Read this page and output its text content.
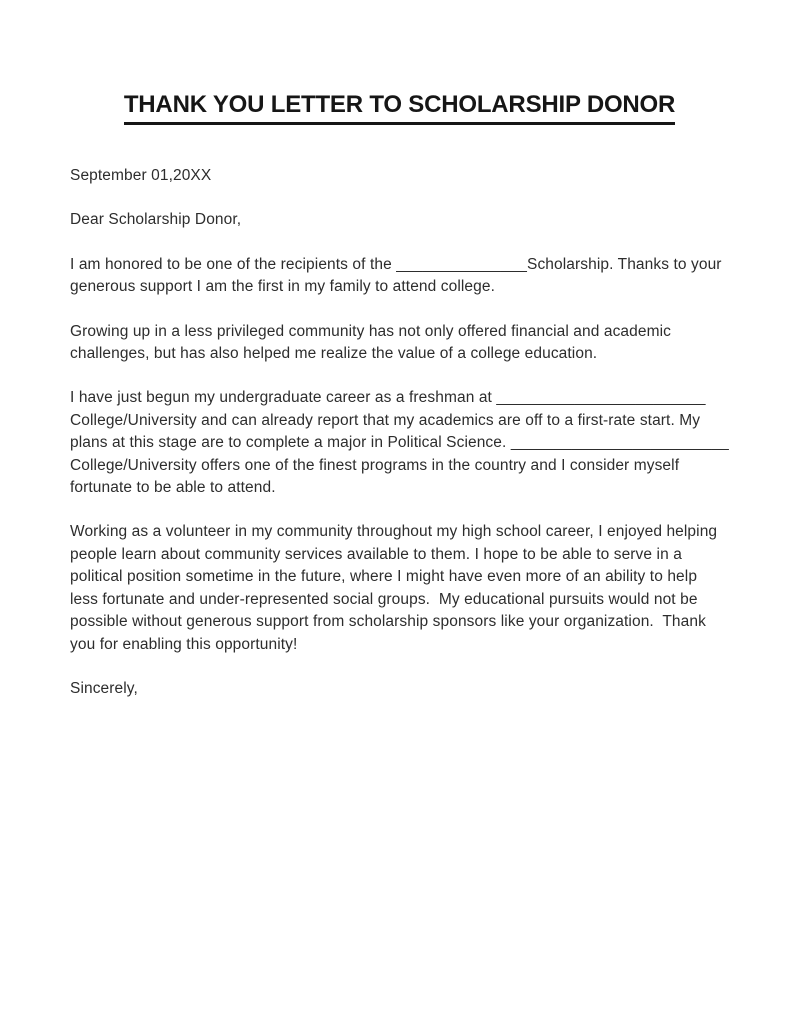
THANK YOU LETTER TO SCHOLARSHIP DONOR

September 01,20XX

Dear Scholarship Donor,

I am honored to be one of the recipients of the _______________Scholarship. Thanks to your generous support I am the first in my family to attend college.

Growing up in a less privileged community has not only offered financial and academic challenges, but has also helped me realize the value of a college education.

I have just begun my undergraduate career as a freshman at ________________________ College/University and can already report that my academics are off to a first-rate start. My plans at this stage are to complete a major in Political Science. _________________________ College/University offers one of the finest programs in the country and I consider myself fortunate to be able to attend.

Working as a volunteer in my community throughout my high school career, I enjoyed helping people learn about community services available to them. I hope to be able to serve in a political position sometime in the future, where I might have even more of an ability to help less fortunate and under-represented social groups.  My educational pursuits would not be possible without generous support from scholarship sponsors like your organization.  Thank you for enabling this opportunity!

Sincerely,
